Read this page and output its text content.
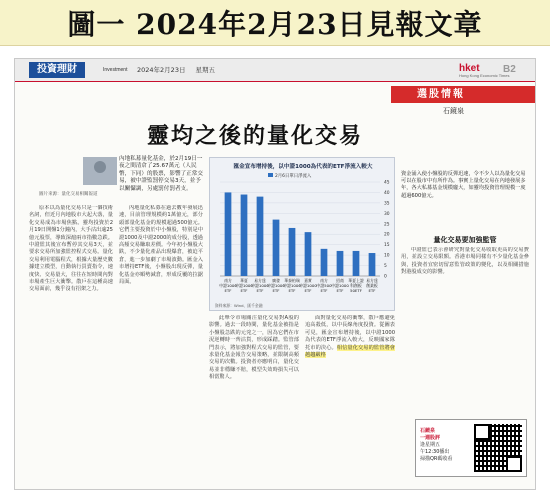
圖一 2024年2月23日見報文章
投資理財	Investment 2024年2月23日 星期五	hket
Hong Kong Economic Times
B2
選股情報
石鏡泉
靈均之後的量化交易
內地私募量化基金，於2月19日一夜之間清倉了25.67萬元（人民幣，下同）的股票，影響了正常交易，被中證監罰停交易3天，並予以關懾調，另處罰付罰者支。
圖片來源：量化交易相關報道
匯金宣布增持後，以中證1000為代表的ETF淨流入較大
2月6日單日淨流入
南方中證1000 ETF
華夏中證1000 ETF
易方達中證1000 ETF
廣發中證1000 ETF
華泰柏瑞中證1000 ETF
嘉實中證1000 ETF
南方中證500 ETF
招商中證1000 ETF
華夏上證科創板 50ETF
易方達創業板 ETF
0
5
10
15
20
25
30
35
40
45
資料來源：Wind、匯千金融
資金涌入使小盤股的反彈迅速，令不少人以為量化交易可以在股市中有所作為。事實上量化交易在內地發展多年，各大私募基金規模龐大，如靈均投資管理規模一度超過600億元。
量化交易要加強監管

原本以為量化交易只是一個技術名詞，但近月內地股市大起大落，量化交易成為市場焦點。靈均投資於2月19日開盤1分鐘內，大手沽出逾25億元股票，導致深滬兩市指數急跌。中證監其後宣布暫停其交易3天，並要求交易所加強監控程式交易。量化交易利用電腦程式，根據大量歷史數據建立模型，自動執行買賣指令，速度快、交易量大，往往在短時間內對市場產生巨大衝擊。散戶在這種高速交易面前，幾乎沒有招架之力。

內地量化私募在過去數年發展迅速，目前管理規模約1萬億元，部分頭部量化基金的規模超過500億元。它們主要投資於中小盤股，特別是中證1000及中證2000的成分股，透過高頻交易賺取差價。今年初小盤股大跌，不少量化產品出現爆倉，被迫平倉，進一步加劇了市場波動。匯金入市增持ETF後，小盤股出現反彈，量化基金亦順勢減倉，形成反覆的拉鋸局面。

此舉令市場關注量化交易對A股的影響。過去一段時間，量化基金被指是小盤股急跌的元兇之一，因為它們在市況逆轉時一齊沽貨，形成踩踏。監管部門表示，將加強對程式交易的監管，要求量化基金報告交易策略，並限制高頻交易的次數。投資者亦應明白，量化交易並非穩賺不賠，模型失效時損失可以相當驚人。

面對量化交易的衝擊，散戶應避免追高殺低，以中長線角度投資。從圖表可見，匯金宣布增持後，以中證1000為代表的ETF淨流入較大，反映國家隊托市的決心。相信量化交易的監管將會越趨嚴格

中證監已表示會研究對量化交易收取更高的交易費用，並設立交易限額。香港市場同樣有不少量化基金參與，投資者宜密切留意監管政策的變化，以及相關措施對港股成交的影響。

石鏡泉
一週股評
逢星期五
午12:30播出
掃描QR碼收看
